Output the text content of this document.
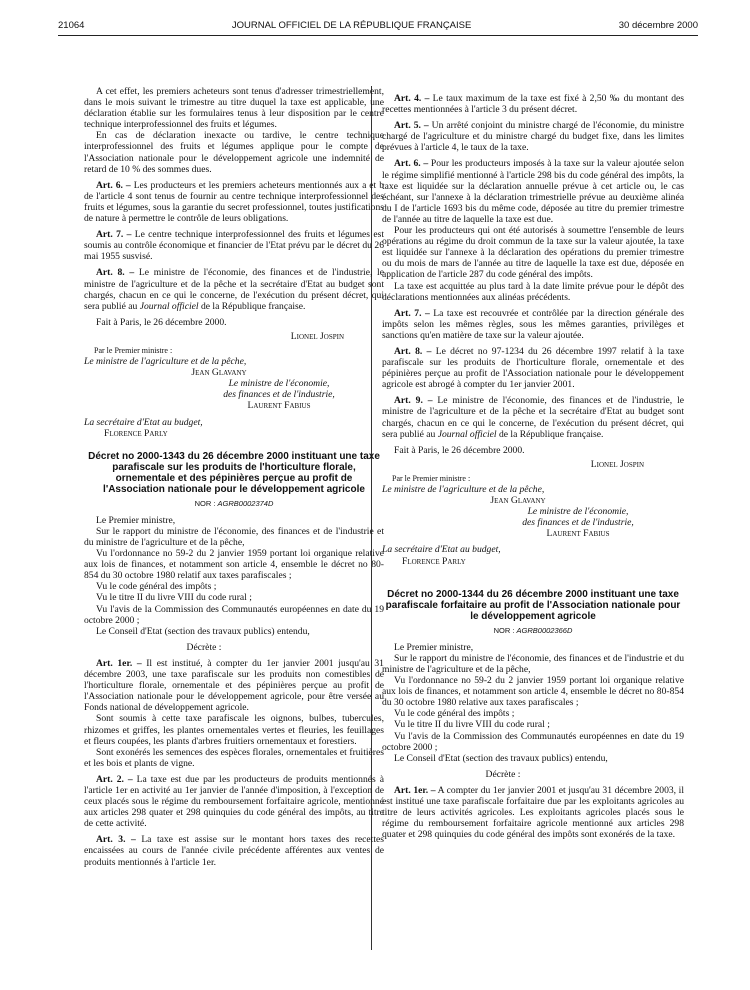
21064	JOURNAL OFFICIEL DE LA RÉPUBLIQUE FRANÇAISE	30 décembre 2000

A cet effet, les premiers acheteurs sont tenus d'adresser trimestriellement, dans le mois suivant le trimestre au titre duquel la taxe est applicable, une déclaration établie sur les formulaires tenus à leur disposition par le centre technique interprofessionnel des fruits et légumes.

En cas de déclaration inexacte ou tardive, le centre technique interprofessionnel des fruits et légumes applique pour le compte de l'Association nationale pour le développement agricole une indemnité de retard de 10 % des sommes dues.

Art. 6. – Les producteurs et les premiers acheteurs mentionnés aux a et b de l'article 4 sont tenus de fournir au centre technique interprofessionnel des fruits et légumes, sous la garantie du secret professionnel, toutes justifications de nature à permettre le contrôle de leurs obligations.

Art. 7. – Le centre technique interprofessionnel des fruits et légumes est soumis au contrôle économique et financier de l'Etat prévu par le décret du 26 mai 1955 susvisé.

Art. 8. – Le ministre de l'économie, des finances et de l'industrie, le ministre de l'agriculture et de la pêche et la secrétaire d'Etat au budget sont chargés, chacun en ce qui le concerne, de l'exécution du présent décret, qui sera publié au Journal officiel de la République française.

Fait à Paris, le 26 décembre 2000.

Lionel Jospin

Par le Premier ministre :

Le ministre de l'agriculture et de la pêche,

Jean Glavany

Le ministre de l'économie,

des finances et de l'industrie,

Laurent Fabius

La secrétaire d'Etat au budget,

Florence Parly

Décret no 2000-1343 du 26 décembre 2000 instituant une taxe parafiscale sur les produits de l'horticulture florale, ornementale et des pépinières perçue au profit de l'Association nationale pour le développement agricole

NOR : AGRB0002374D

Le Premier ministre,

Sur le rapport du ministre de l'économie, des finances et de l'industrie et du ministre de l'agriculture et de la pêche,

Vu l'ordonnance no 59-2 du 2 janvier 1959 portant loi organique relative aux lois de finances, et notamment son article 4, ensemble le décret no 80-854 du 30 octobre 1980 relatif aux taxes parafiscales ;

Vu le code général des impôts ;

Vu le titre II du livre VIII du code rural ;

Vu l'avis de la Commission des Communautés européennes en date du 19 octobre 2000 ;

Le Conseil d'Etat (section des travaux publics) entendu,

Décrète :

Art. 1er. – Il est institué, à compter du 1er janvier 2001 jusqu'au 31 décembre 2003, une taxe parafiscale sur les produits non comestibles de l'horticulture florale, ornementale et des pépinières perçue au profit de l'Association nationale pour le développement agricole, pour être versée au Fonds national de développement agricole.

Sont soumis à cette taxe parafiscale les oignons, bulbes, tubercules, rhizomes et griffes, les plantes ornementales vertes et fleuries, les feuillages et fleurs coupées, les plants d'arbres fruitiers ornementaux et forestiers.

Sont exonérés les semences des espèces florales, ornementales et fruitières et les bois et plants de vigne.

Art. 2. – La taxe est due par les producteurs de produits mentionnés à l'article 1er en activité au 1er janvier de l'année d'imposition, à l'exception de ceux placés sous le régime du remboursement forfaitaire agricole, mentionné aux articles 298 quater et 298 quinquies du code général des impôts, au titre de cette activité.

Art. 3. – La taxe est assise sur le montant hors taxes des recettes encaissées au cours de l'année civile précédente afférentes aux ventes de produits mentionnés à l'article 1er.

Art. 4. – Le taux maximum de la taxe est fixé à 2,50 ‰ du montant des recettes mentionnées à l'article 3 du présent décret.

Art. 5. – Un arrêté conjoint du ministre chargé de l'économie, du ministre chargé de l'agriculture et du ministre chargé du budget fixe, dans les limites prévues à l'article 4, le taux de la taxe.

Art. 6. – Pour les producteurs imposés à la taxe sur la valeur ajoutée selon le régime simplifié mentionné à l'article 298 bis du code général des impôts, la taxe est liquidée sur la déclaration annuelle prévue à cet article ou, le cas échéant, sur l'annexe à la déclaration trimestrielle prévue au deuxième alinéa du I de l'article 1693 bis du même code, déposée au titre du premier trimestre de l'année au titre de laquelle la taxe est due.

Pour les producteurs qui ont été autorisés à soumettre l'ensemble de leurs opérations au régime du droit commun de la taxe sur la valeur ajoutée, la taxe est liquidée sur l'annexe à la déclaration des opérations du premier trimestre ou du mois de mars de l'année au titre de laquelle la taxe est due, déposée en application de l'article 287 du code général des impôts.

La taxe est acquittée au plus tard à la date limite prévue pour le dépôt des déclarations mentionnées aux alinéas précédents.

Art. 7. – La taxe est recouvrée et contrôlée par la direction générale des impôts selon les mêmes règles, sous les mêmes garanties, privilèges et sanctions qu'en matière de taxe sur la valeur ajoutée.

Art. 8. – Le décret no 97-1234 du 26 décembre 1997 relatif à la taxe parafiscale sur les produits de l'horticulture florale, ornementale et des pépinières perçue au profit de l'Association nationale pour le développement agricole est abrogé à compter du 1er janvier 2001.

Art. 9. – Le ministre de l'économie, des finances et de l'industrie, le ministre de l'agriculture et de la pêche et la secrétaire d'Etat au budget sont chargés, chacun en ce qui le concerne, de l'exécution du présent décret, qui sera publié au Journal officiel de la République française.

Fait à Paris, le 26 décembre 2000.

Lionel Jospin

Par le Premier ministre :

Le ministre de l'agriculture et de la pêche,

Jean Glavany

Le ministre de l'économie,

des finances et de l'industrie,

Laurent Fabius

La secrétaire d'Etat au budget,

Florence Parly

Décret no 2000-1344 du 26 décembre 2000 instituant une taxe parafiscale forfaitaire au profit de l'Association nationale pour le développement agricole

NOR : AGRB0002366D

Le Premier ministre,

Sur le rapport du ministre de l'économie, des finances et de l'industrie et du ministre de l'agriculture et de la pêche,

Vu l'ordonnance no 59-2 du 2 janvier 1959 portant loi organique relative aux lois de finances, et notamment son article 4, ensemble le décret no 80-854 du 30 octobre 1980 relative aux taxes parafiscales ;

Vu le code général des impôts ;

Vu le titre II du livre VIII du code rural ;

Vu l'avis de la Commission des Communautés européennes en date du 19 octobre 2000 ;

Le Conseil d'Etat (section des travaux publics) entendu,

Décrète :

Art. 1er. – A compter du 1er janvier 2001 et jusqu'au 31 décembre 2003, il est institué une taxe parafiscale forfaitaire due par les exploitants agricoles au titre de leurs activités agricoles. Les exploitants agricoles placés sous le régime du remboursement forfaitaire agricole mentionné aux articles 298 quater et 298 quinquies du code général des impôts sont exonérés de la taxe.
